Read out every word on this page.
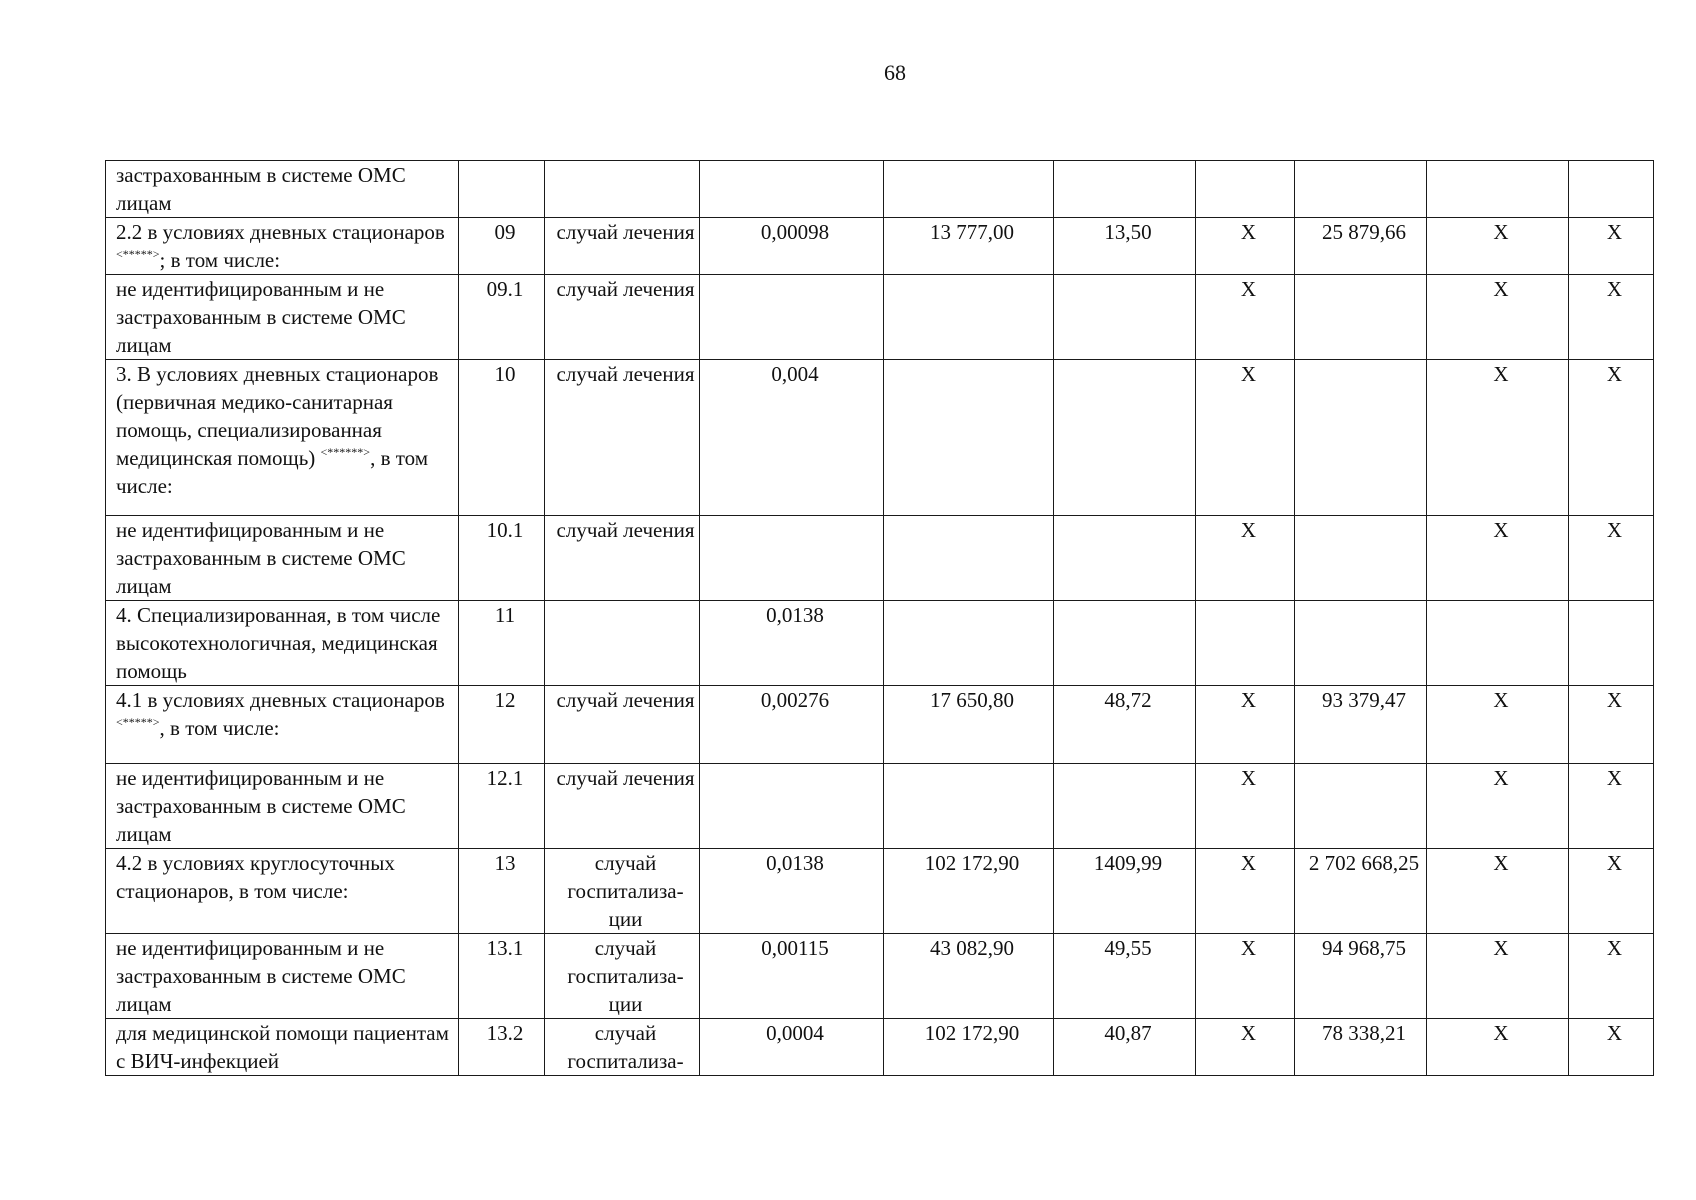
68
застрахованным в системе ОМС лицам									
2.2 в условиях дневных стационаров <*****>; в том числе:	09	случай лечения	0,00098	13 777,00	13,50	Х	25 879,66	Х	Х
не идентифицированным и не застрахованным в системе ОМС лицам	09.1	случай лечения				Х		Х	Х
3. В условиях дневных стационаров (первичная медико-санитарная помощь, специализированная медицинская помощь) <******>, в том числе:	10	случай лечения	0,004			Х		Х	Х
не идентифицированным и не застрахованным в системе ОМС лицам	10.1	случай лечения				Х		Х	Х
4. Специализированная, в том числе высокотехнологичная, медицинская помощь	11		0,0138						
4.1 в условиях дневных стационаров <*****>, в том числе:	12	случай лечения	0,00276	17 650,80	48,72	Х	93 379,47	Х	Х
не идентифицированным и не застрахованным в системе ОМС лицам	12.1	случай лечения				Х		Х	Х
4.2 в условиях круглосуточных стационаров, в том числе:	13	случай госпитализа- ции	0,0138	102 172,90	1409,99	Х	2 702 668,25	Х	Х
не идентифицированным и не застрахованным в системе ОМС лицам	13.1	случай госпитализа- ции	0,00115	43 082,90	49,55	Х	94 968,75	Х	Х
для медицинской помощи пациентам с ВИЧ-инфекцией	13.2	случай госпитализа-	0,0004	102 172,90	40,87	Х	78 338,21	Х	Х
